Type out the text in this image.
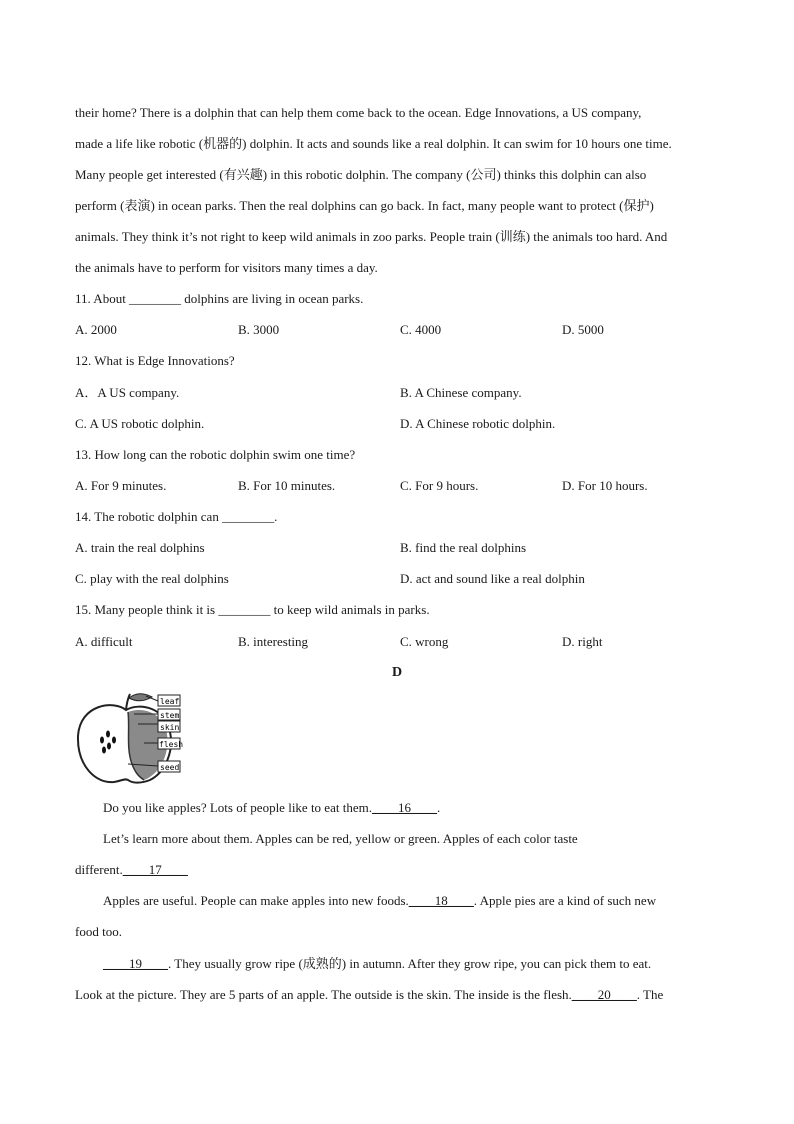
their home? There is a dolphin that can help them come back to the ocean. Edge Innovations, a US company,
made a life like robotic (机器的) dolphin. It acts and sounds like a real dolphin. It can swim for 10 hours one time.
Many people get interested (有兴趣) in this robotic dolphin. The company (公司) thinks this dolphin can also
perform (表演) in ocean parks. Then the real dolphins can go back. In fact, many people want to protect (保护)
animals. They think it’s not right to keep wild animals in zoo parks. People train (训练) the animals too hard. And
the animals have to perform for visitors many times a day.
11. About ________ dolphins are living in ocean parks.
A. 2000	B. 3000	C. 4000	D. 5000
12. What is Edge Innovations?
A．A US company.	B. A Chinese company.
C. A US robotic dolphin.	D. A Chinese robotic dolphin.
13. How long can the robotic dolphin swim one time?
A. For 9 minutes.	B. For 10 minutes.	C. For 9 hours.	D. For 10 hours.
14. The robotic dolphin can ________.
A. train the real dolphins	B. find the real dolphins
C. play with the real dolphins	D. act and sound like a real dolphin
15. Many people think it is ________ to keep wild animals in parks.
A. difficult	B. interesting	C. wrong	D. right
D
leaf
stem
skin
flesh
seed
Do you like apples? Lots of people like to eat them.____16____.
Let’s learn more about them. Apples can be red, yellow or green. Apples of each color taste
different.____17____
Apples are useful. People can make apples into new foods.____18____. Apple pies are a kind of such new
food too.
____19____. They usually grow ripe (成熟的) in autumn. After they grow ripe, you can pick them to eat.
Look at the picture. They are 5 parts of an apple. The outside is the skin. The inside is the flesh.____20____. The
